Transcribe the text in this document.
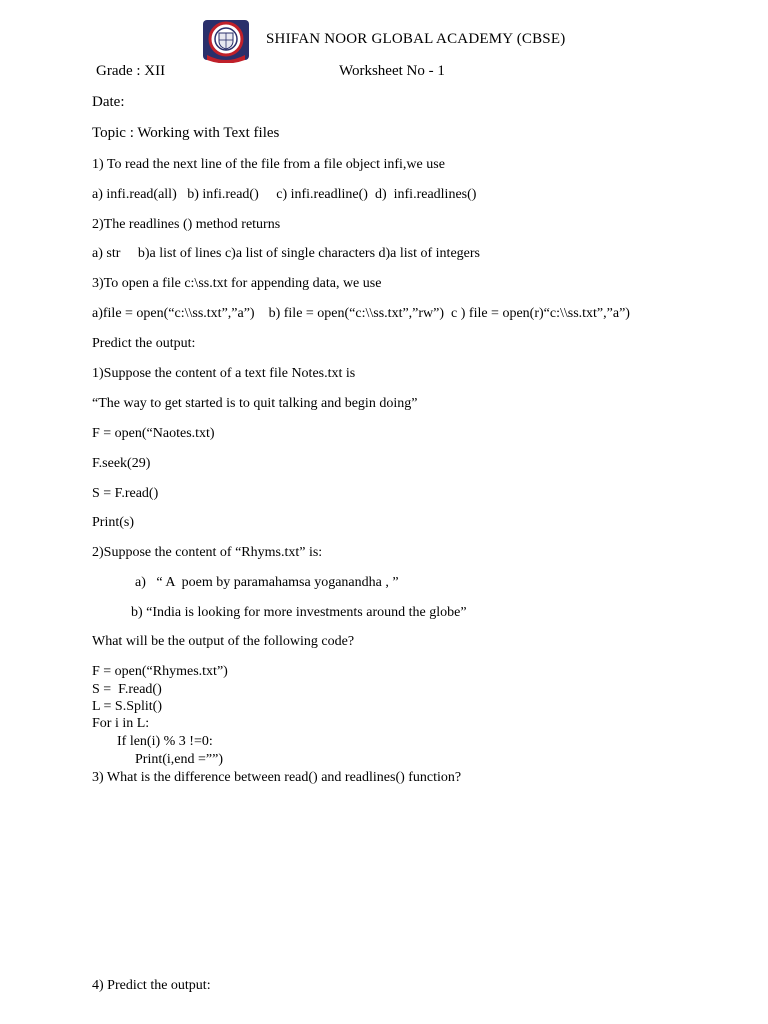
SHIFAN NOOR GLOBAL ACADEMY (CBSE)
Grade : XII	Worksheet No - 1
Date:
Topic : Working with Text files
1) To read the next line of the file from a file object infi,we use
a) infi.read(all)   b) infi.read()     c) infi.readline()  d)  infi.readlines()
2)The readlines () method returns
a) str     b)a list of lines c)a list of single characters d)a list of integers
3)To open a file c:\ss.txt for appending data, we use
a)file = open(“c:\\ss.txt”,”a”)    b) file = open(“c:\\ss.txt”,”rw”)  c ) file = open(r)“c:\\ss.txt”,”a”)
Predict the output:
1)Suppose the content of a text file Notes.txt is
“The way to get started is to quit talking and begin doing”
F = open(“Naotes.txt)
F.seek(29)
S = F.read()
Print(s)
2)Suppose the content of “Rhyms.txt” is:
a)   “ A  poem by paramahamsa yoganandha , ”
b) “India is looking for more investments around the globe”
What will be the output of the following code?
F = open(“Rhymes.txt”)
S =  F.read()
L = S.Split()
For i in L:
If len(i) % 3 !=0:
Print(i,end =””)
3) What is the difference between read() and readlines() function?
4) Predict the output:
